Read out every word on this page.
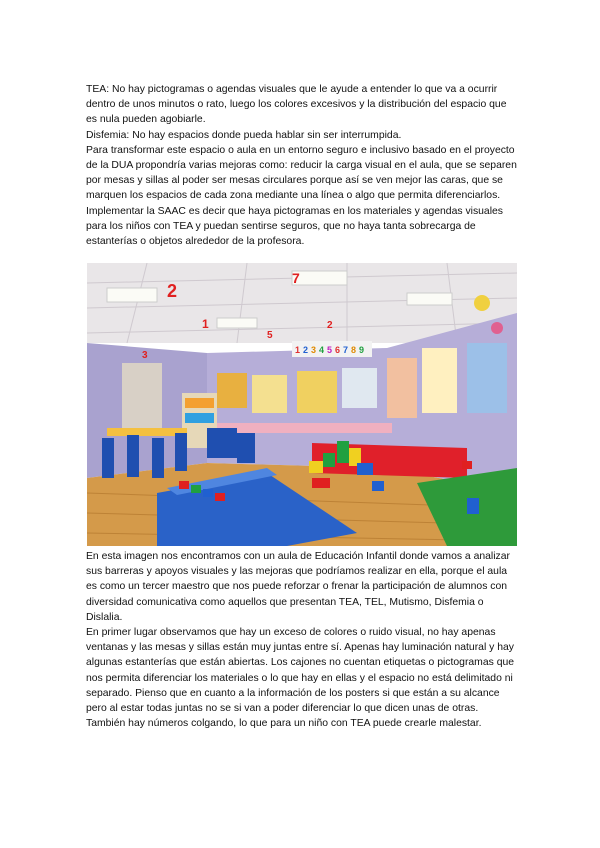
TEA: No hay pictogramas o agendas visuales que le ayude a entender lo que va a ocurrir dentro de unos minutos o rato, luego los colores excesivos y la distribución del espacio que es nula pueden agobiarle.

Disfemia: No hay espacios donde pueda hablar sin ser interrumpida.

Para transformar este espacio o aula en un entorno seguro e inclusivo basado en el proyecto de la DUA propondría varias mejoras como: reducir la carga visual en el aula, que se separen por mesas y sillas al poder ser mesas circulares porque así se ven mejor las caras, que se marquen los espacios de cada zona mediante una línea o algo que permita diferenciarlos. Implementar la SAAC es decir que haya pictogramas en los materiales y agendas visuales para los niños con TEA y puedan sentirse seguros, que no haya tanta sobrecarga de estanterías o objetos alrededor de la profesora.

1 2 3 4 5 6 7 8 9
2
7
1
3
5
2

En esta imagen nos encontramos con un aula de Educación Infantil donde vamos a analizar sus barreras y apoyos visuales y las mejoras que podríamos realizar en ella, porque el aula es como un tercer maestro que nos puede reforzar o frenar la participación de alumnos con diversidad comunicativa como aquellos que presentan TEA, TEL, Mutismo, Disfemia o Dislalia.

En primer lugar observamos que hay un exceso de colores o ruido visual, no hay apenas ventanas y las mesas y sillas están muy juntas entre sí. Apenas hay luminación natural y hay algunas estanterías que están abiertas. Los cajones no cuentan etiquetas o pictogramas que nos permita diferenciar los materiales o lo que hay en ellas y el espacio no está delimitado ni separado. Pienso que en cuanto a la información de los posters si que están a su alcance pero al estar todas juntas no se si van a poder diferenciar lo que dicen unas de otras. También hay números colgando, lo que para un niño con TEA puede crearle malestar.
